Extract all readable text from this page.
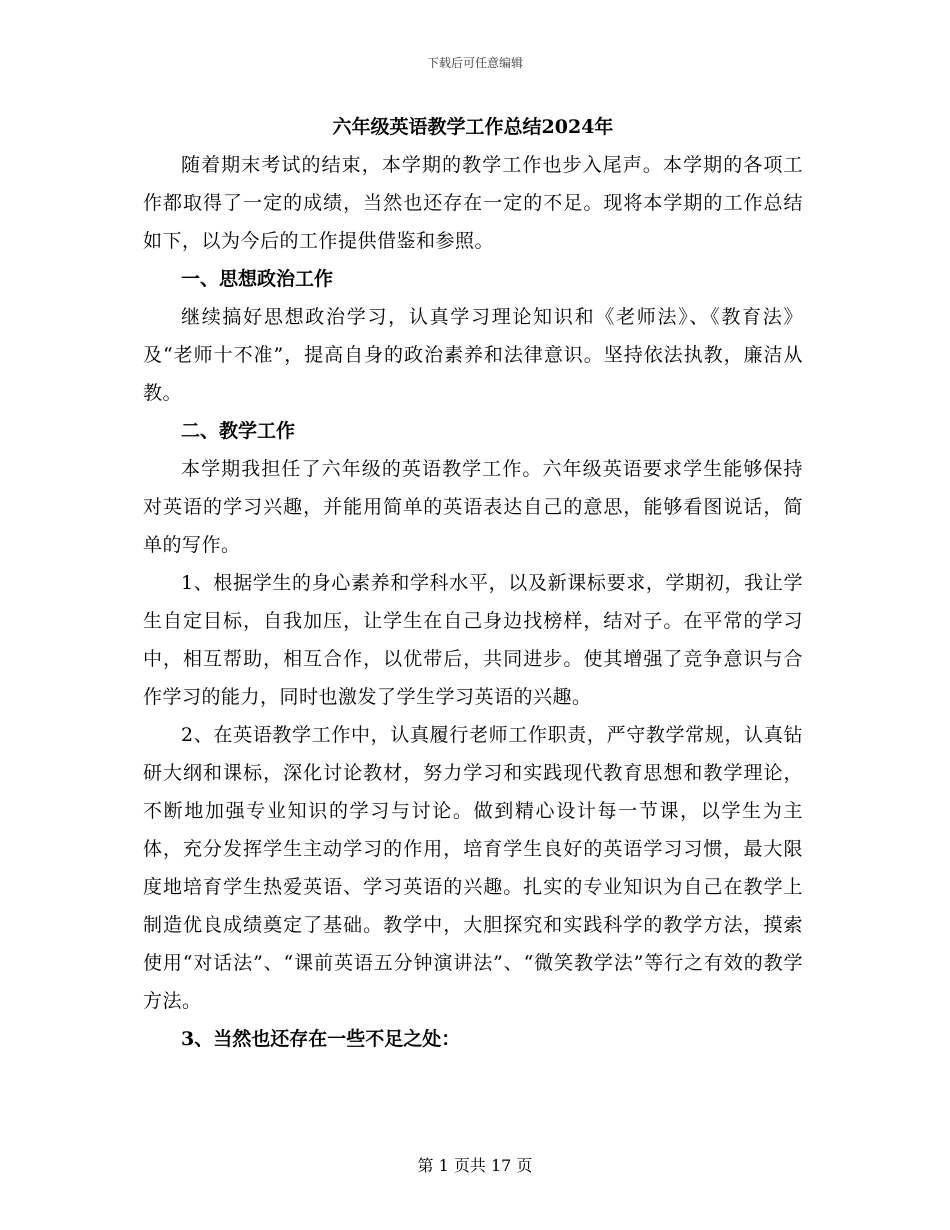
下载后可任意编辑

六年级英语教学工作总结2024年

随着期末考试的结束，本学期的教学工作也步入尾声。本学期的各项工作都取得了一定的成绩，当然也还存在一定的不足。现将本学期的工作总结如下，以为今后的工作提供借鉴和参照。

一、思想政治工作

继续搞好思想政治学习，认真学习理论知识和《老师法》、《教育法》及“老师十不准”，提高自身的政治素养和法律意识。坚持依法执教，廉洁从教。

二、教学工作

本学期我担任了六年级的英语教学工作。六年级英语要求学生能够保持对英语的学习兴趣，并能用简单的英语表达自己的意思，能够看图说话，简单的写作。

1、根据学生的身心素养和学科水平，以及新课标要求，学期初，我让学生自定目标，自我加压，让学生在自己身边找榜样，结对子。在平常的学习中，相互帮助，相互合作，以优带后，共同进步。使其增强了竞争意识与合作学习的能力，同时也激发了学生学习英语的兴趣。

2、在英语教学工作中，认真履行老师工作职责，严守教学常规，认真钻研大纲和课标，深化讨论教材，努力学习和实践现代教育思想和教学理论，不断地加强专业知识的学习与讨论。做到精心设计每一节课，以学生为主体，充分发挥学生主动学习的作用，培育学生良好的英语学习习惯，最大限度地培育学生热爱英语、学习英语的兴趣。扎实的专业知识为自己在教学上制造优良成绩奠定了基础。教学中，大胆探究和实践科学的教学方法，摸索使用“对话法”、“课前英语五分钟演讲法”、“微笑教学法”等行之有效的教学方法。

3、当然也还存在一些不足之处：

第 1 页共 17 页
